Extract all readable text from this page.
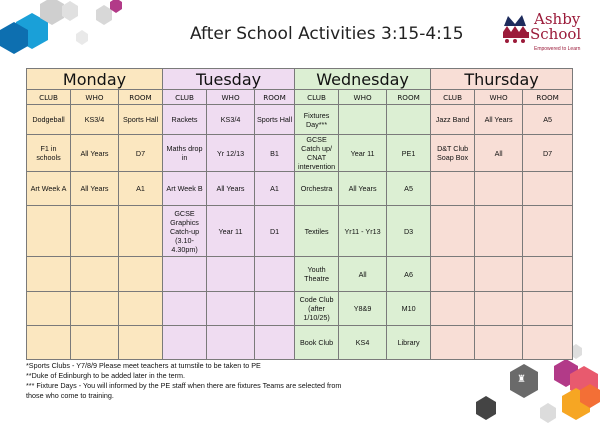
♜
After School Activities 3:15-4:15
Ashby
School
Empowered to Learn
Monday			Tuesday			Wednesday			Thursday		
CLUB	WHO	ROOM	CLUB	WHO	ROOM	CLUB	WHO	ROOM	CLUB	WHO	ROOM
Dodgeball	KS3/4	Sports Hall	Rackets	KS3/4	Sports Hall	Fixtures Day***			Jazz Band	All Years	A5
F1 in schools	All Years	D7	Maths drop in	Yr 12/13	B1	GCSE Catch up/ CNAT intervention	Year 11	PE1	D&T Club Soap Box	All	D7
Art Week A	All Years	A1	Art Week B	All Years	A1	Orchestra	All Years	A5			
			GCSE Graphics Catch-up (3.10-4.30pm)	Year 11	D1	Textiles	Yr11 - Yr13	D3			
						Youth Theatre	All	A6			
						Code Club (after 1/10/25)	Y8&9	M10			
						Book Club	KS4	Library			
*Sports Clubs - Y7/8/9 Please meet teachers at turnstile to be taken to PE
**Duke of Edinburgh to be added later in the term.
*** Fixture Days - You will informed by the PE staff when there are fixtures Teams are selected from
those who come to training.
